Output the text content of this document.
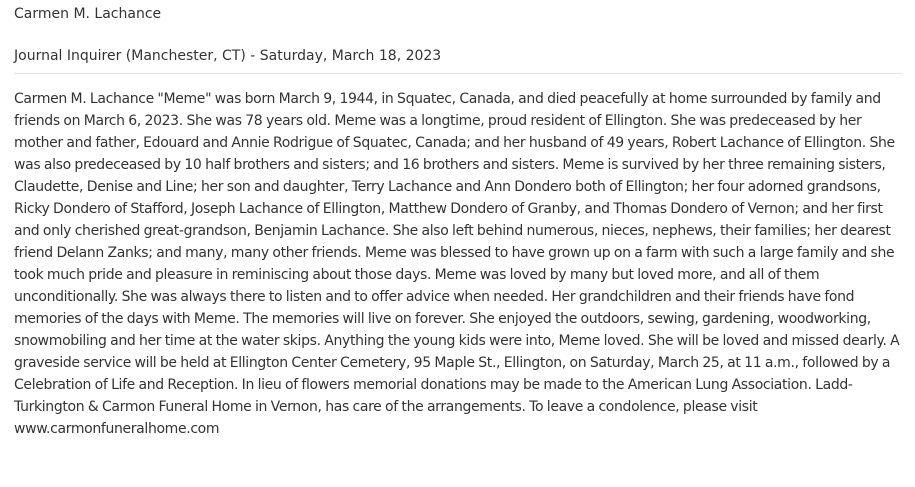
Carmen M. Lachance
Journal Inquirer (Manchester, CT) - Saturday, March 18, 2023

Carmen M. Lachance "Meme" was born March 9, 1944, in Squatec, Canada, and died peacefully at home surrounded by family and friends on March 6, 2023. She was 78 years old. Meme was a longtime, proud resident of Ellington. She was predeceased by her mother and father, Edouard and Annie Rodrigue of Squatec, Canada; and her husband of 49 years, Robert Lachance of Ellington. She was also predeceased by 10 half brothers and sisters; and 16 brothers and sisters. Meme is survived by her three remaining sisters, Claudette, Denise and Line; her son and daughter, Terry Lachance and Ann Dondero both of Ellington; her four adorned grandsons, Ricky Dondero of Stafford, Joseph Lachance of Ellington, Matthew Dondero of Granby, and Thomas Dondero of Vernon; and her first and only cherished great-grandson, Benjamin Lachance. She also left behind numerous, nieces, nephews, their families; her dearest friend Delann Zanks; and many, many other friends. Meme was blessed to have grown up on a farm with such a large family and she took much pride and pleasure in reminiscing about those days. Meme was loved by many but loved more, and all of them unconditionally. She was always there to listen and to offer advice when needed. Her grandchildren and their friends have fond memories of the days with Meme. The memories will live on forever. She enjoyed the outdoors, sewing, gardening, woodworking, snowmobiling and her time at the water skips. Anything the young kids were into, Meme loved. She will be loved and missed dearly. A graveside service will be held at Ellington Center Cemetery, 95 Maple St., Ellington, on Saturday, March 25, at 11 a.m., followed by a Celebration of Life and Reception. In lieu of flowers memorial donations may be made to the American Lung Association. Ladd-Turkington & Carmon Funeral Home in Vernon, has care of the arrangements. To leave a condolence, please visit www.carmonfuneralhome.com
